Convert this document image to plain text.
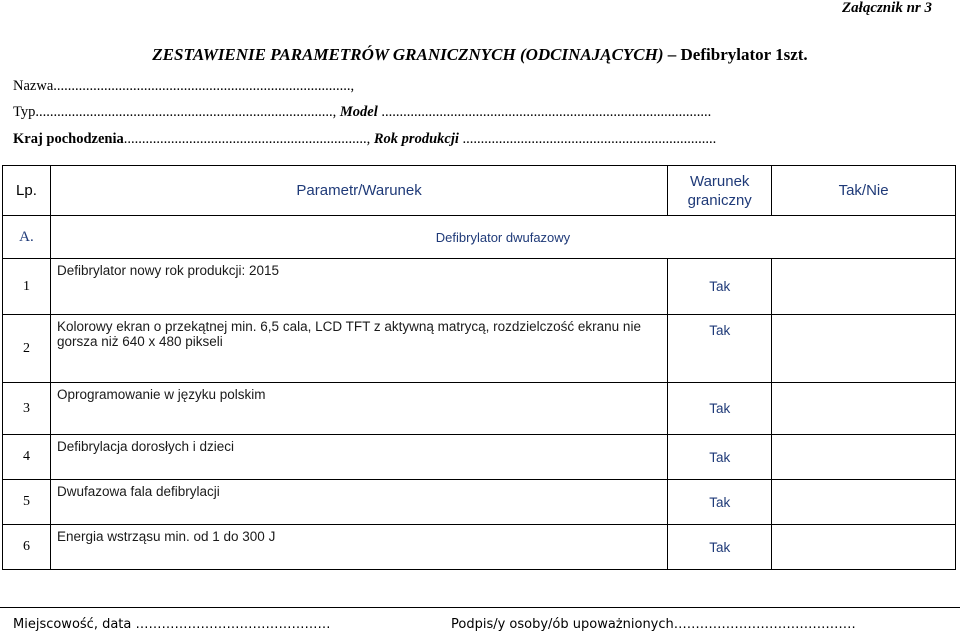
Załącznik nr 3
ZESTAWIENIE PARAMETRÓW GRANICZNYCH (ODCINAJĄCYCH) – Defibrylator 1szt.
Nazwa..................................................................................,
Typ.................................................................................., Model ...........................................................................................
Kraj pochodzenia..................................................................., Rok produkcji ......................................................................
Lp.	Parametr/Warunek	Warunek graniczny	Tak/Nie
A.	Defibrylator dwufazowy		
1	Defibrylator nowy rok produkcji: 2015	Tak	
2	Kolorowy ekran o przekątnej min. 6,5 cala, LCD TFT z aktywną matrycą, rozdzielczość ekranu nie gorsza niż 640 x 480 pikseli	Tak	
3	Oprogramowanie w języku polskim	Tak	
4	Defibrylacja dorosłych i dzieci	Tak	
5	Dwufazowa fala defibrylacji	Tak	
6	Energia wstrząsu min. od 1 do 300 J	Tak	
Miejscowość, data ………………………………………	Podpis/y osoby/ób upoważnionych……………………………………
